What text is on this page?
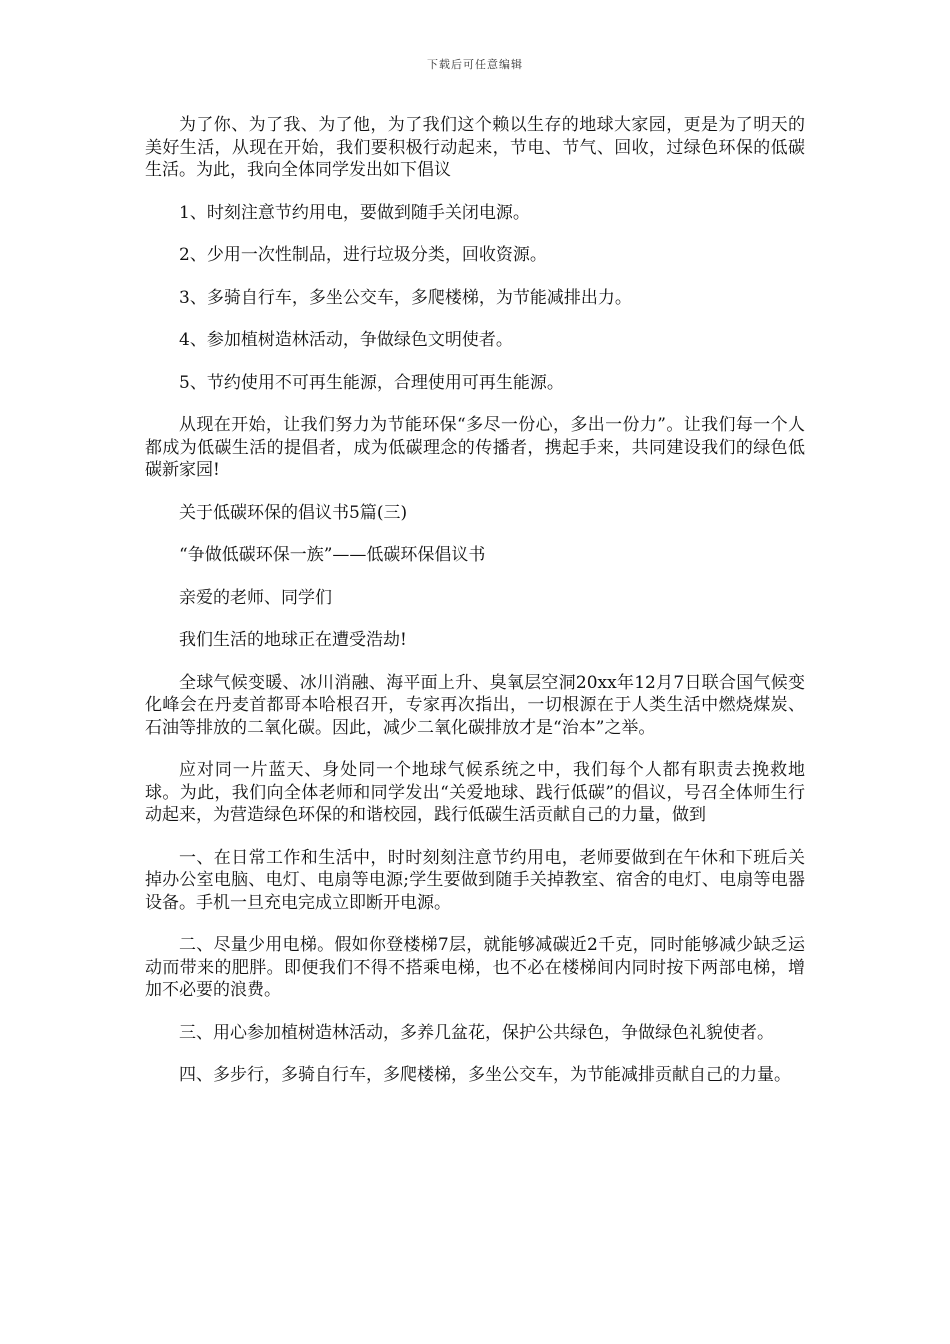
下载后可任意编辑

为了你、为了我、为了他，为了我们这个赖以生存的地球大家园，更是为了明天的美好生活，从现在开始，我们要积极行动起来，节电、节气、回收，过绿色环保的低碳生活。为此，我向全体同学发出如下倡议

1、时刻注意节约用电，要做到随手关闭电源。

2、少用一次性制品，进行垃圾分类，回收资源。

3、多骑自行车，多坐公交车，多爬楼梯，为节能减排出力。

4、参加植树造林活动，争做绿色文明使者。

5、节约使用不可再生能源，合理使用可再生能源。

从现在开始，让我们努力为节能环保“多尽一份心，多出一份力”。让我们每一个人都成为低碳生活的提倡者，成为低碳理念的传播者，携起手来，共同建设我们的绿色低碳新家园!

关于低碳环保的倡议书5篇(三)

“争做低碳环保一族”——低碳环保倡议书

亲爱的老师、同学们

我们生活的地球正在遭受浩劫!

全球气候变暖、冰川消融、海平面上升、臭氧层空洞20xx年12月7日联合国气候变化峰会在丹麦首都哥本哈根召开，专家再次指出，一切根源在于人类生活中燃烧煤炭、石油等排放的二氧化碳。因此，减少二氧化碳排放才是“治本”之举。

应对同一片蓝天、身处同一个地球气候系统之中，我们每个人都有职责去挽救地球。为此，我们向全体老师和同学发出“关爱地球、践行低碳”的倡议，号召全体师生行动起来，为营造绿色环保的和谐校园，践行低碳生活贡献自己的力量，做到

一、在日常工作和生活中，时时刻刻注意节约用电，老师要做到在午休和下班后关掉办公室电脑、电灯、电扇等电源;学生要做到随手关掉教室、宿舍的电灯、电扇等电器设备。手机一旦充电完成立即断开电源。

二、尽量少用电梯。假如你登楼梯7层，就能够减碳近2千克，同时能够减少缺乏运动而带来的肥胖。即便我们不得不搭乘电梯，也不必在楼梯间内同时按下两部电梯，增加不必要的浪费。

三、用心参加植树造林活动，多养几盆花，保护公共绿色，争做绿色礼貌使者。

四、多步行，多骑自行车，多爬楼梯，多坐公交车，为节能减排贡献自己的力量。
